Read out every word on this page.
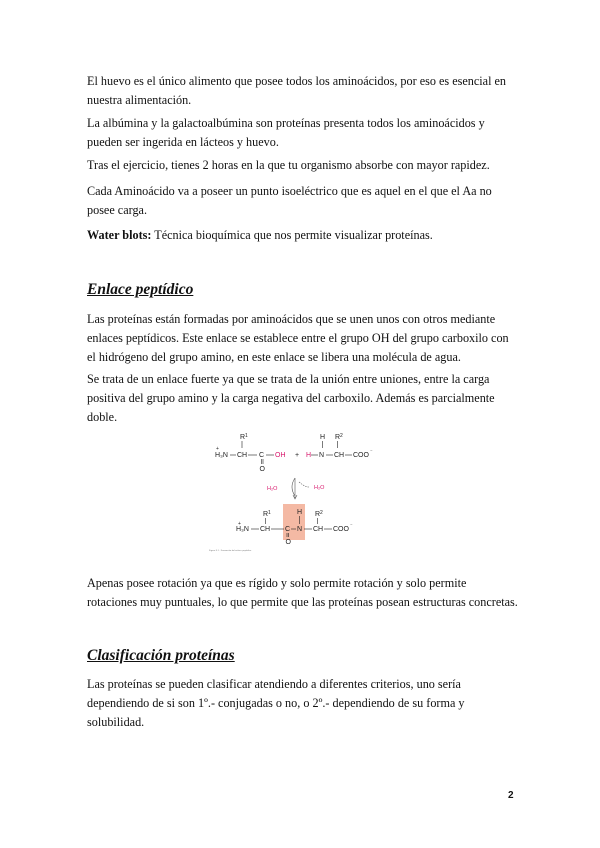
El huevo es el único alimento que posee todos los aminoácidos, por eso es esencial en nuestra alimentación.

La albúmina y la galactoalbúmina son proteínas presenta todos los aminoácidos y pueden ser ingerida en lácteos y huevo.

Tras el ejercicio, tienes 2 horas en la que tu organismo absorbe con mayor rapidez.

Cada Aminoácido va a poseer un punto isoeléctrico que es aquel en el que el Aa no posee carga.

Water blots: Técnica bioquímica que nos permite visualizar proteínas.

Enlace peptídico

Las proteínas están formadas por aminoácidos que se unen unos con otros mediante enlaces peptídicos. Este enlace se establece entre el grupo OH del grupo carboxilo con el hidrógeno del grupo amino, en este enlace se libera una molécula de agua.

Se trata de un enlace fuerte ya que se trata de la unión entre uniones, entre la carga positiva del grupo amino y la carga negativa del carboxilo. Además es parcialmente doble.

R 1
+
H₃N CH C
O
OH +
H
H N
R 2
CH COO ⁻
H₂O	H₂O
R 1
+
H₃N CH C
O
H
N
R 2
CH COO ⁻
Figura 3.1 · Formación del enlace peptídico

Apenas posee rotación ya que es rígido y solo permite rotación y solo permite rotaciones muy puntuales, lo que permite que las proteínas posean estructuras concretas.

Clasificación proteínas

Las proteínas se pueden clasificar atendiendo a diferentes criterios, uno sería dependiendo de si son 1º.- conjugadas o no, o 2º.- dependiendo de su forma y solubilidad.

2
